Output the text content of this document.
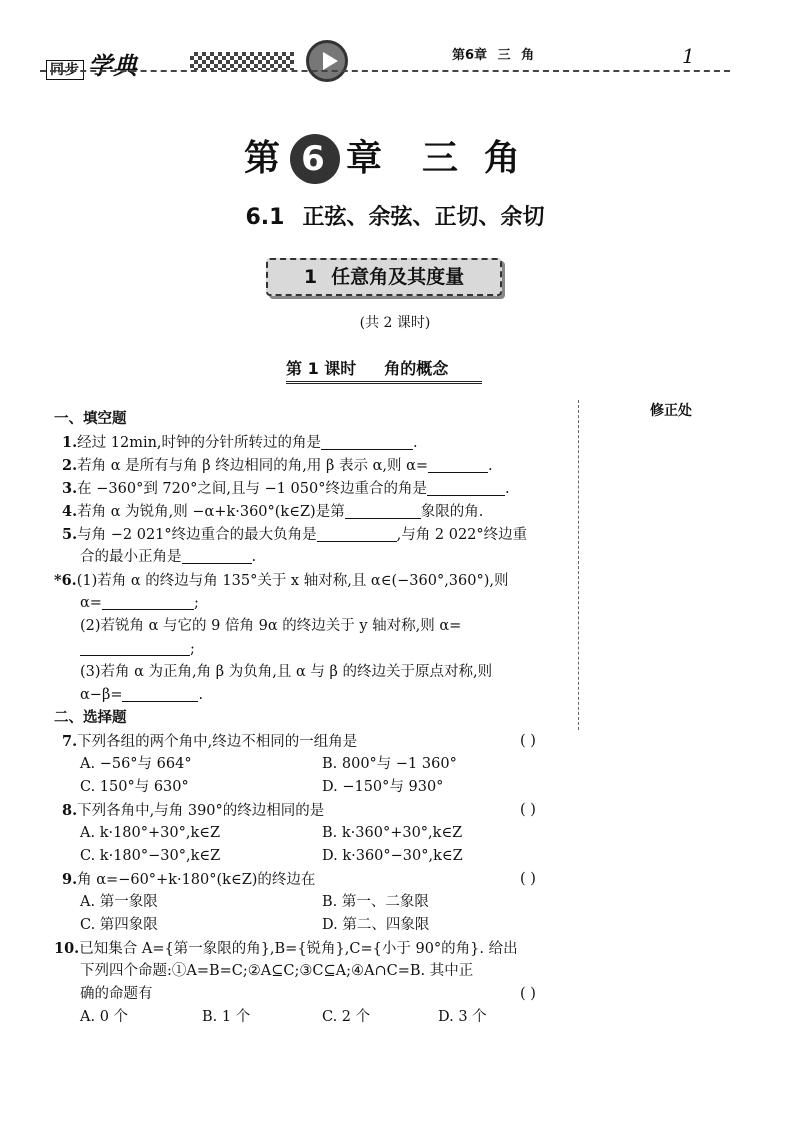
同步 学典	第6章 三 角	1
第 6 章 三角
6.1 正弦、余弦、正切、余切
1 任意角及其度量
(共 2 课时)
第 1 课时 角的概念
修正处
一、填空题
1.经过 12min,时钟的分针所转过的角是	.
2.若角 α 是所有与角 β 终边相同的角,用 β 表示 α,则 α=	.
3.在 −360°到 720°之间,且与 −1 050°终边重合的角是	.
4.若角 α 为锐角,则 −α+k·360°(k∈Z)是第	象限的角.
5.与角 −2 021°终边重合的最大负角是	,与角 2 022°终边重
合的最小正角是	.
*6.(1)若角 α 的终边与角 135°关于 x 轴对称,且 α∈(−360°,360°),则
α=	;
(2)若锐角 α 与它的 9 倍角 9α 的终边关于 y 轴对称,则 α=
;
(3)若角 α 为正角,角 β 为负角,且 α 与 β 的终边关于原点对称,则
α−β=	.
二、选择题
7.下列各组的两个角中,终边不相同的一组角是	( )
A. −56°与 664°	B. 800°与 −1 360°
C. 150°与 630°	D. −150°与 930°
8.下列各角中,与角 390°的终边相同的是	( )
A. k·180°+30°,k∈Z	B. k·360°+30°,k∈Z
C. k·180°−30°,k∈Z	D. k·360°−30°,k∈Z
9.角 α=−60°+k·180°(k∈Z)的终边在	( )
A. 第一象限	B. 第一、二象限
C. 第四象限	D. 第二、四象限
10.已知集合 A={第一象限的角},B={锐角},C={小于 90°的角}. 给出
下列四个命题:①A=B=C;②A⊆C;③C⊆A;④A∩C=B. 其中正
确的命题有	( )
A. 0 个	B. 1 个	C. 2 个	D. 3 个
